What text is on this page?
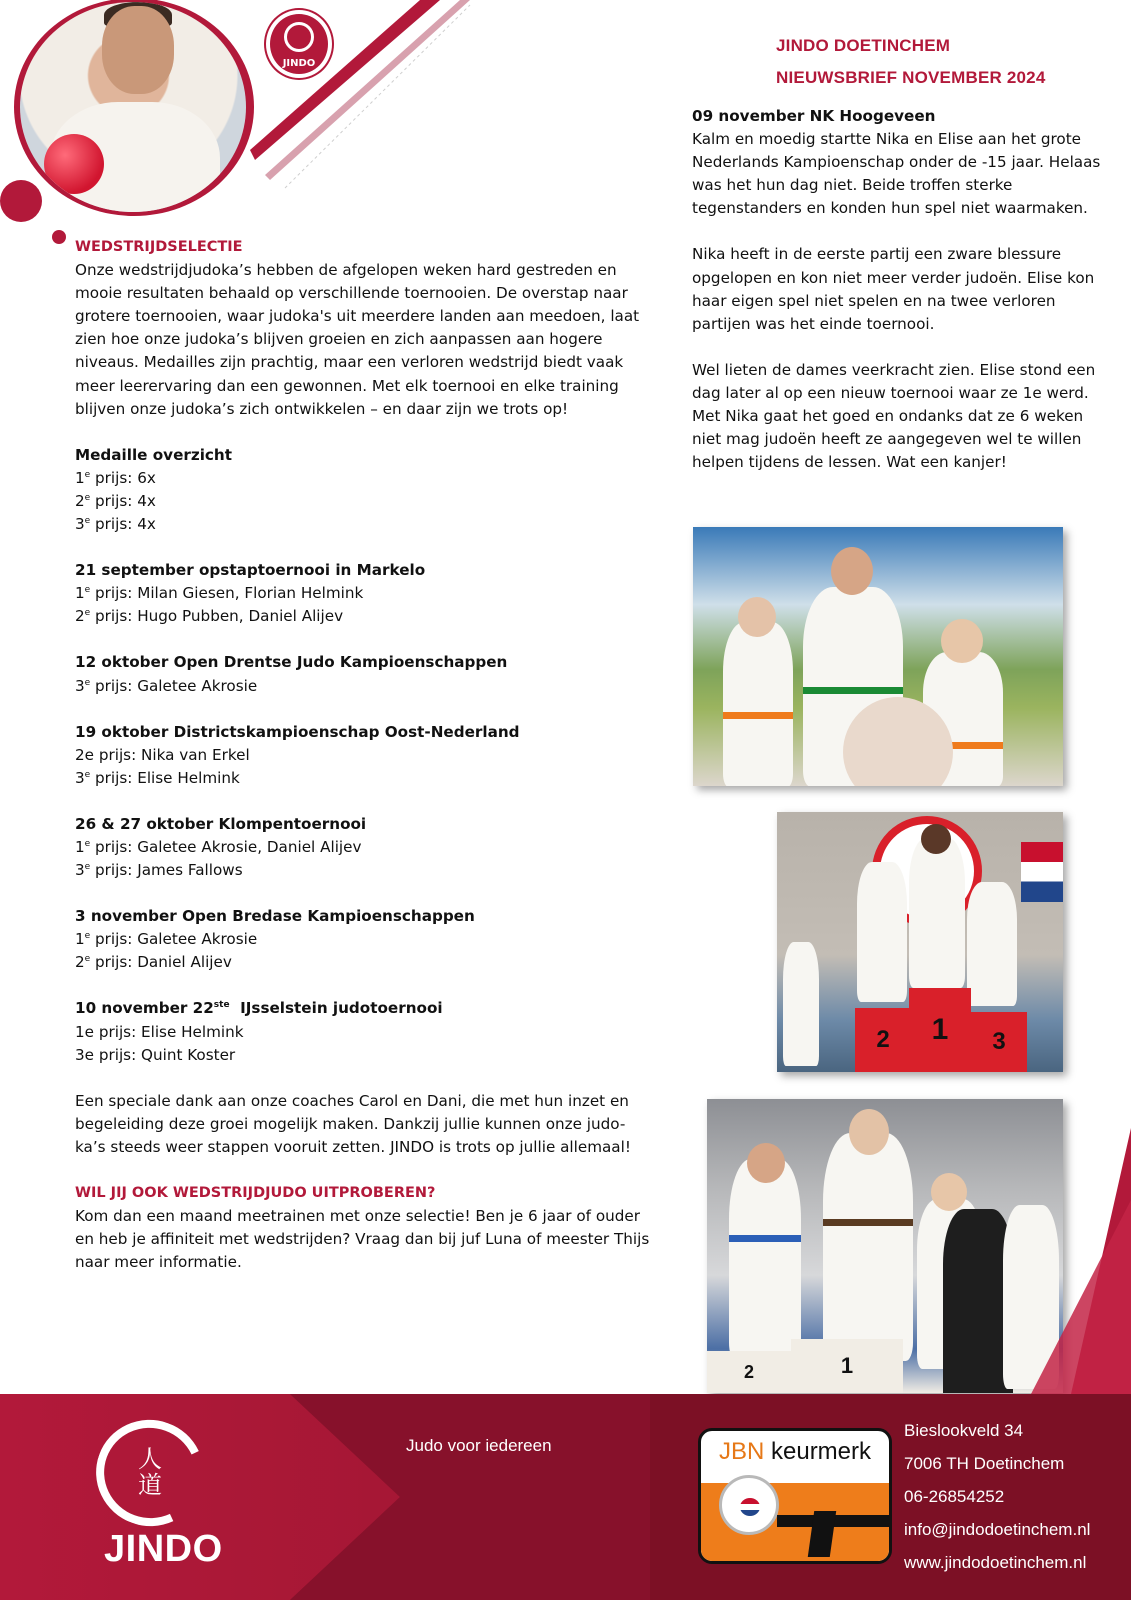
JINDO
JINDO DOETINCHEM
NIEUWSBRIEF NOVEMBER 2024
WEDSTRIJDSELECTIE
Onze wedstrijdjudoka’s hebben de afgelopen weken hard gestreden en mooie resultaten behaald op verschillende toernooien. De overstap naar grotere toernooien, waar judoka's uit meerdere landen aan meedoen, laat zien hoe onze judoka’s blijven groeien en zich aanpassen aan hogere niveaus. Medailles zijn prachtig, maar een verloren wedstrijd biedt vaak meer leerervaring dan een gewonnen. Met elk toernooi en elke training blijven onze judoka’s zich ontwikkelen – en daar zijn we trots op!
Medaille overzicht
1e prijs: 6x
2e prijs: 4x
3e prijs: 4x
21 september opstaptoernooi in Markelo
1e prijs: Milan Giesen, Florian Helmink
2e prijs: Hugo Pubben, Daniel Alijev
12 oktober Open Drentse Judo Kampioenschappen
3e prijs: Galetee Akrosie
19 oktober Districtskampioenschap Oost-Nederland
2e prijs: Nika van Erkel
3e prijs: Elise Helmink
26 & 27 oktober Klompentoernooi
1e prijs: Galetee Akrosie, Daniel Alijev
3e prijs: James Fallows
3 november Open Bredase Kampioenschappen
1e prijs: Galetee Akrosie
2e prijs: Daniel Alijev
10 november 22ste  IJsselstein judotoernooi
1e prijs: Elise Helmink
3e prijs: Quint Koster
Een speciale dank aan onze coaches Carol en Dani, die met hun inzet en begeleiding deze groei mogelijk maken. Dankzij jullie kunnen onze judo-ka’s steeds weer stappen vooruit zetten. JINDO is trots op jullie allemaal!
WIL JIJ OOK WEDSTRIJDJUDO UITPROBEREN?
Kom dan een maand meetrainen met onze selectie! Ben je 6 jaar of ouder en heb je affiniteit met wedstrijden? Vraag dan bij juf Luna of meester Thijs naar meer informatie.
09 november NK Hoogeveen
Kalm en moedig startte Nika en Elise aan het grote Nederlands Kampioenschap onder de -15 jaar. Helaas was het hun dag niet. Beide troffen sterke tegenstanders en konden hun spel niet waarmaken.
Nika heeft in de eerste partij een zware blessure opgelopen en kon niet meer verder judoën. Elise kon haar eigen spel niet spelen en na twee verloren partijen was het einde toernooi.
Wel lieten de dames veerkracht zien. Elise stond een dag later al op een nieuw toernooi waar ze 1e werd. Met Nika gaat het goed en ondanks dat ze 6 weken niet mag judoën heeft ze aangegeven wel te willen helpen tijdens de lessen. Wat een kanjer!
2	1	3
2	1
人
道
JINDO
Judo voor iedereen	JBN keurmerk
Bieslookveld 34
7006 TH Doetinchem
06-26854252
info@jindodoetinchem.nl
www.jindodoetinchem.nl
